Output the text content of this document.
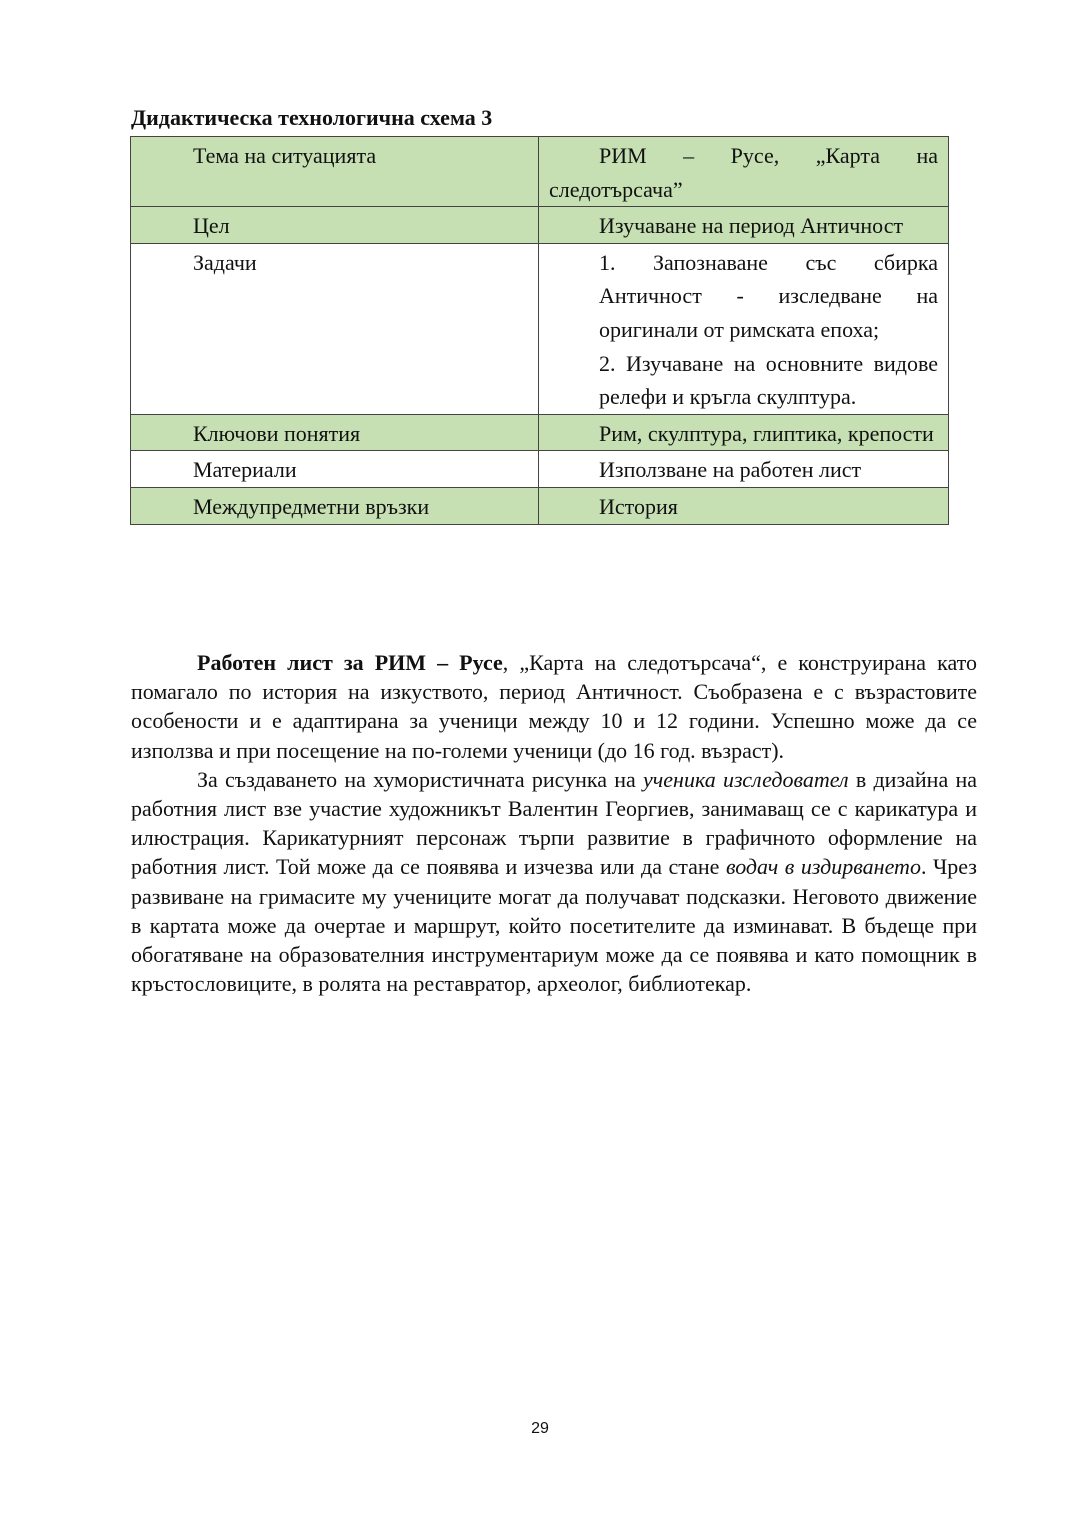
Дидактическа технологична схема 3
Тема на ситуацията	РИМ – Русе, „Карта на следотърсача”

Цел	Изучаване на период Античност

Задачи	1. Запознаване със сбирка Античност - изследване на оригинали от римската епоха;
2. Изучаване на основните видове релефи и кръгла скулптура.

Ключови понятия	Рим, скулптура, глиптика, крепости

Материали	Използване на работен лист

Междупредметни връзки	История

Работен лист за РИМ – Русе, „Карта на следотърсача“, е конструирана като помагало по история на изкуството, период Античност. Съобразена е с възрастовите особености и е адаптирана за ученици между 10 и 12 години. Успешно може да се използва и при посещение на по-големи ученици (до 16 год. възраст).

За създаването на хумористичната рисунка на ученика изследовател в дизайна на работния лист взе участие художникът Валентин Георгиев, занимаващ се с карикатура и илюстрация. Карикатурният персонаж търпи развитие в графичното оформление на работния лист. Той може да се появява и изчезва или да стане водач в издирването. Чрез развиване на гримасите му учениците могат да получават подсказки. Неговото движение в картата може да очертае и маршрут, който посетителите да изминават. В бъдеще при обогатяване на образователния инструментариум може да се появява и като помощник в кръстословиците, в ролята на реставратор, археолог, библиотекар.

29
